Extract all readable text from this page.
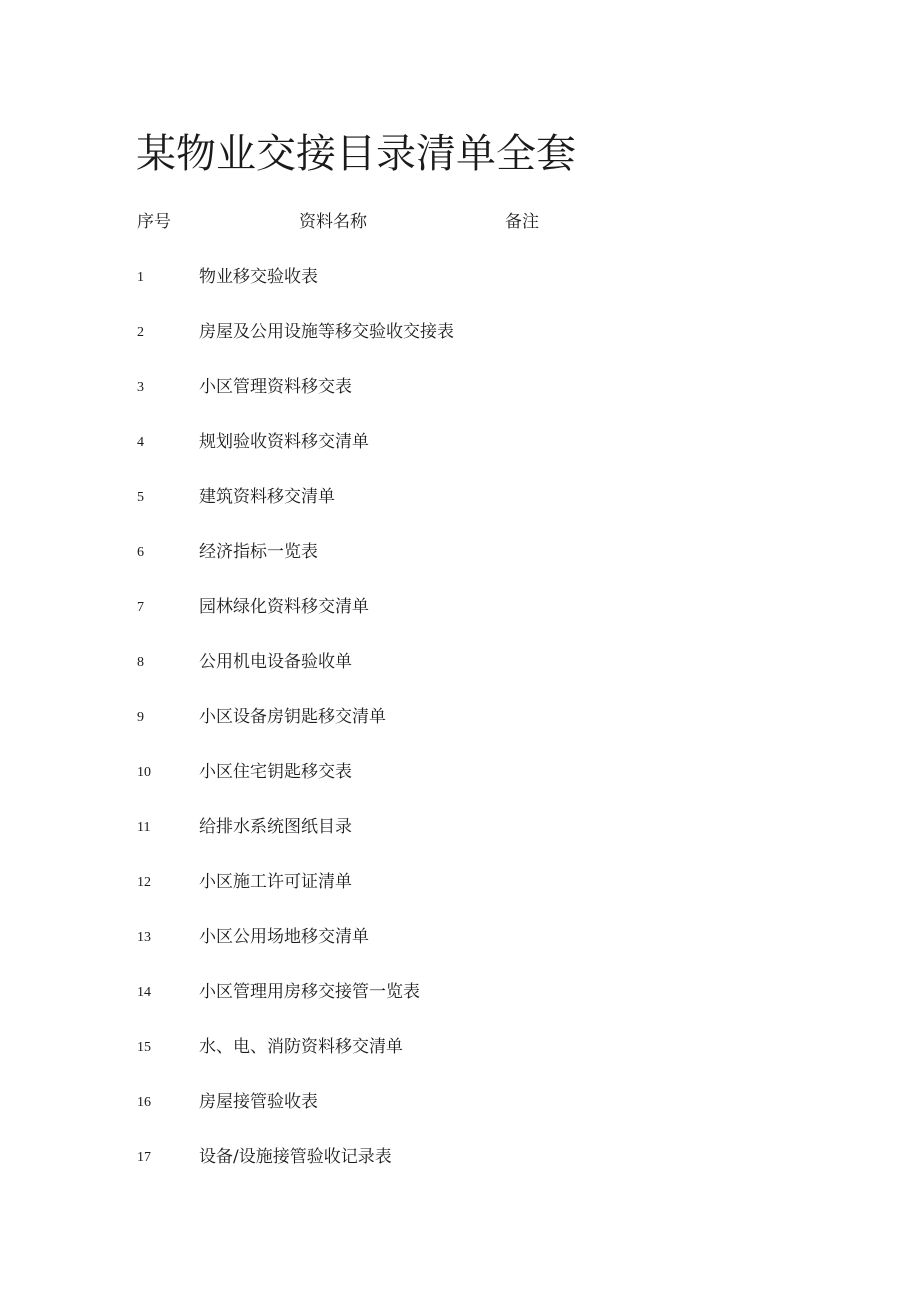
某物业交接目录清单全套
序号	资料名称	备注
1	物业移交验收表
2	房屋及公用设施等移交验收交接表
3	小区管理资料移交表
4	规划验收资料移交清单
5	建筑资料移交清单
6	经济指标一览表
7	园林绿化资料移交清单
8	公用机电设备验收单
9	小区设备房钥匙移交清单
10	小区住宅钥匙移交表
11	给排水系统图纸目录
12	小区施工许可证清单
13	小区公用场地移交清单
14	小区管理用房移交接管一览表
15	水、电、消防资料移交清单
16	房屋接管验收表
17	设备/设施接管验收记录表
